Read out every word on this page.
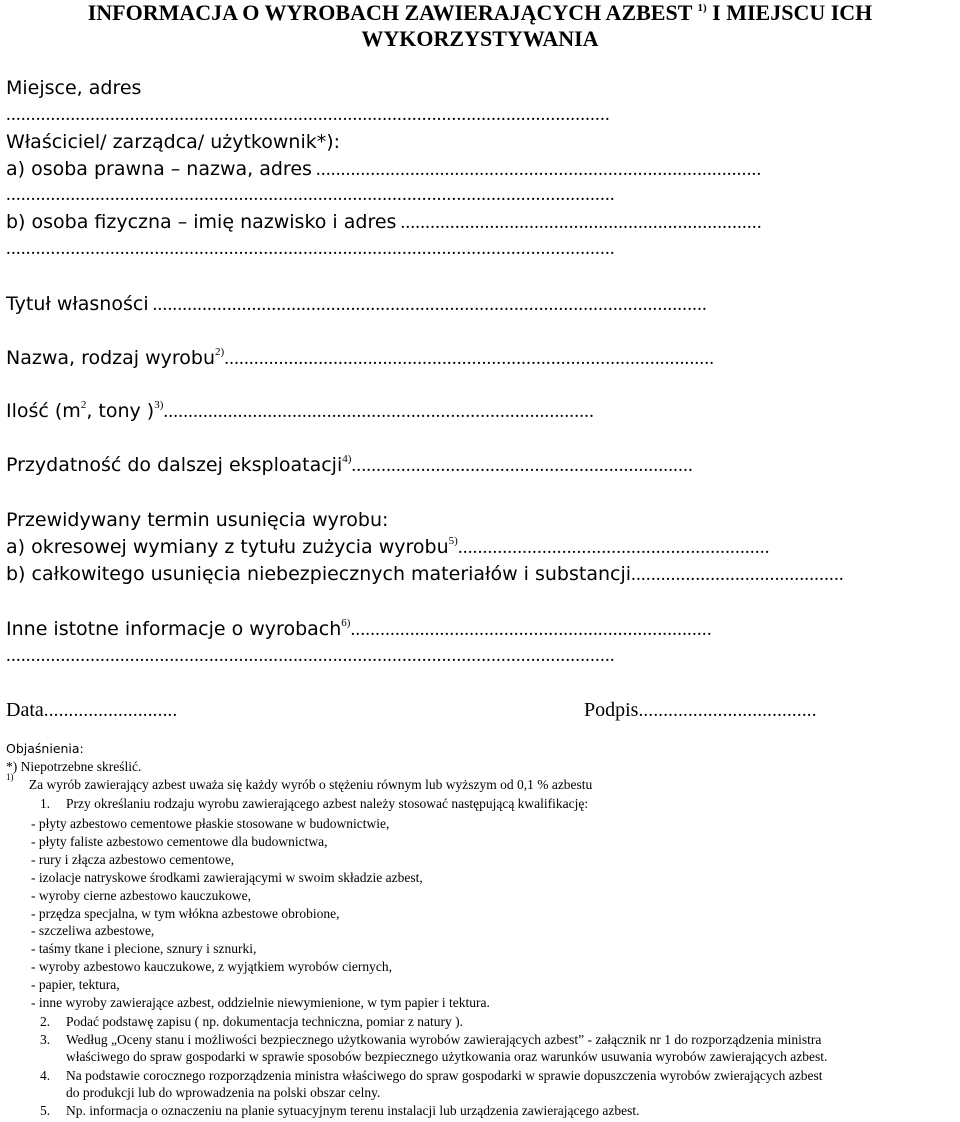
INFORMACJA O WYROBACH ZAWIERAJĄCYCH AZBEST $^{1)}$ I MIEJSCU ICH
WYKORZYSTYWANIA
Miejsce, adres
..........................................................................................................................
Właściciel/ zarządca/ użytkownik*):
a) osoba prawna – nazwa, adres ..........................................................................................
...........................................................................................................................
b) osoba fizyczna – imię nazwisko i adres .........................................................................
...........................................................................................................................
Tytuł własności ................................................................................................................
Nazwa, rodzaj wyrobu$^{2)}$...................................................................................................
Ilość ($m^2$, tony )$^{3)}$.......................................................................................
Przydatność do dalszej eksploatacji$^{4)}$.....................................................................
Przewidywany termin usunięcia wyrobu:
a) okresowej wymiany z tytułu zużycia wyrobu$^{5)}$...............................................................
b) całkowitego usunięcia niebezpiecznych materiałów i substancji...........................................
Inne istotne informacje o wyrobach$^{6)}$.........................................................................
...........................................................................................................................
Data...........................	Podpis....................................
Objaśnienia:
*) Niepotrzebne skreślić.
$^{1)}$ Za wyrób zawierający azbest uważa się każdy wyrób o stężeniu równym lub wyższym od 0,1 % azbestu
1. Przy określaniu rodzaju wyrobu zawierającego azbest należy stosować następującą kwalifikację:
- płyty azbestowo cementowe płaskie stosowane w budownictwie,
- płyty faliste azbestowo cementowe dla budownictwa,
- rury i złącza azbestowo cementowe,
- izolacje natryskowe środkami zawierającymi w swoim składzie azbest,
- wyroby cierne azbestowo kauczukowe,
- przędza specjalna, w tym włókna azbestowe obrobione,
- szczeliwa azbestowe,
- taśmy tkane i plecione, sznury i sznurki,
- wyroby azbestowo kauczukowe, z wyjątkiem wyrobów ciernych,
- papier, tektura,
- inne wyroby zawierające azbest, oddzielnie niewymienione, w tym papier i tektura.
2. Podać podstawę zapisu ( np. dokumentacja techniczna, pomiar z natury ).
3. Według „Oceny stanu i możliwości bezpiecznego użytkowania wyrobów zawierających azbest” - załącznik nr 1 do rozporządzenia ministra
właściwego do spraw gospodarki w sprawie sposobów bezpiecznego użytkowania oraz warunków usuwania wyrobów zawierających azbest.
4. Na podstawie corocznego rozporządzenia ministra właściwego do spraw gospodarki w sprawie dopuszczenia wyrobów zwierających azbest
do produkcji lub do wprowadzenia na polski obszar celny.
5. Np. informacja o oznaczeniu na planie sytuacyjnym terenu instalacji lub urządzenia zawierającego azbest.
